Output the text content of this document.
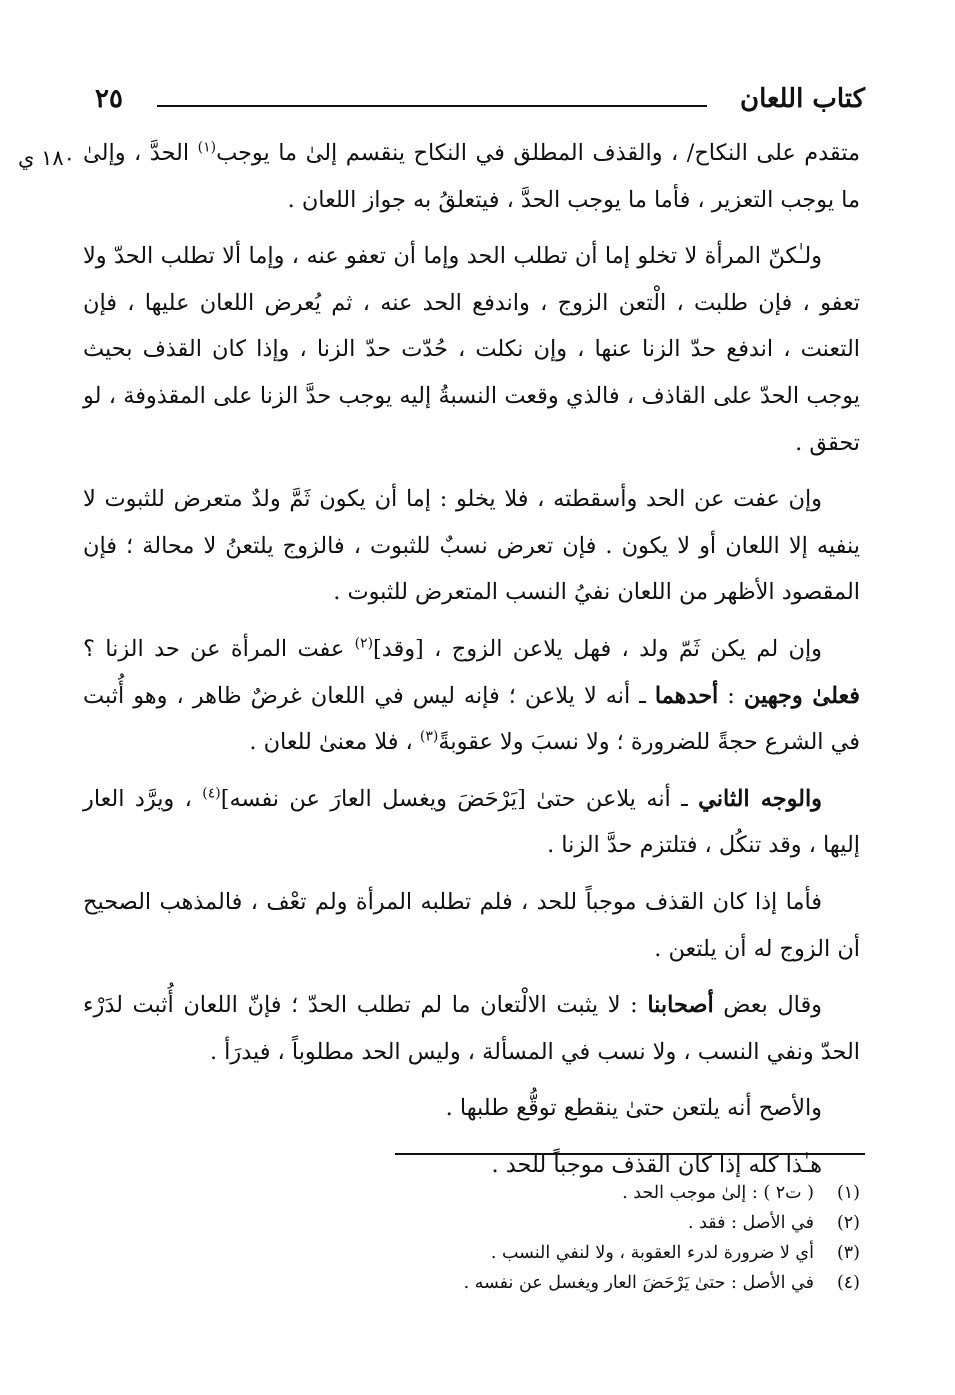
كتاب اللعان
٢٥
١٨٠ ي	متقدم على النكاح/ ، والقذف المطلق في النكاح ينقسم إلىٰ ما يوجب$^{(١)}$ الحدَّ ، وإلىٰ ما يوجب التعزير ، فأما ما يوجب الحدَّ ، فيتعلقُ به جواز اللعان .

ولـٰكنّ المرأة لا تخلو إما أن تطلب الحد وإما أن تعفو عنه ، وإما ألا تطلب الحدّ ولا تعفو ، فإن طلبت ، الْتعن الزوج ، واندفع الحد عنه ، ثم يُعرض اللعان عليها ، فإن التعنت ، اندفع حدّ الزنا عنها ، وإن نكلت ، حُدّت حدّ الزنا ، وإذا كان القذف بحيث يوجب الحدّ على القاذف ، فالذي وقعت النسبةُ إليه يوجب حدَّ الزنا على المقذوفة ، لو تحقق .

وإن عفت عن الحد وأسقطته ، فلا يخلو : إما أن يكون ثَمَّ ولدٌ متعرض للثبوت لا ينفيه إلا اللعان أو لا يكون . فإن تعرض نسبٌ للثبوت ، فالزوج يلتعنُ لا محالة ؛ فإن المقصود الأظهر من اللعان نفيُ النسب المتعرض للثبوت .

وإن لم يكن ثَمّ ولد ، فهل يلاعن الزوج ، [وقد]$^{(٢)}$ عفت المرأة عن حد الزنا ؟ فعلىٰ وجهين : أحدهما ـ أنه لا يلاعن ؛ فإنه ليس في اللعان غرضٌ ظاهر ، وهو أُثبت في الشرع حجةً للضرورة ؛ ولا نسبَ ولا عقوبةً$^{(٣)}$ ، فلا معنىٰ للعان .

والوجه الثاني ـ أنه يلاعن حتىٰ [يَرْحَضَ ويغسل العارَ عن نفسه]$^{(٤)}$ ، ويرَّد العار إليها ، وقد تنكُل ، فتلتزم حدَّ الزنا .

فأما إذا كان القذف موجباً للحد ، فلم تطلبه المرأة ولم تعْف ، فالمذهب الصحيح أن الزوج له أن يلتعن .

وقال بعض أصحابنا : لا يثبت الالْتعان ما لم تطلب الحدّ ؛ فإنّ اللعان أُثبت لدَرْء الحدّ ونفي النسب ، ولا نسب في المسألة ، وليس الحد مطلوباً ، فيدرَأ .

والأصح أنه يلتعن حتىٰ ينقطع توقُّع طلبها .

هـٰذا كله إذا كان القذف موجباً للحد .

(١)
( ت٢ ) : إلىٰ موجب الحد .
(٢)
في الأصل : فقد .
(٣)
أي لا ضرورة لدرء العقوبة ، ولا لنفي النسب .
(٤)
في الأصل : حتىٰ يَرْحَضَ العار ويغسل عن نفسه .
